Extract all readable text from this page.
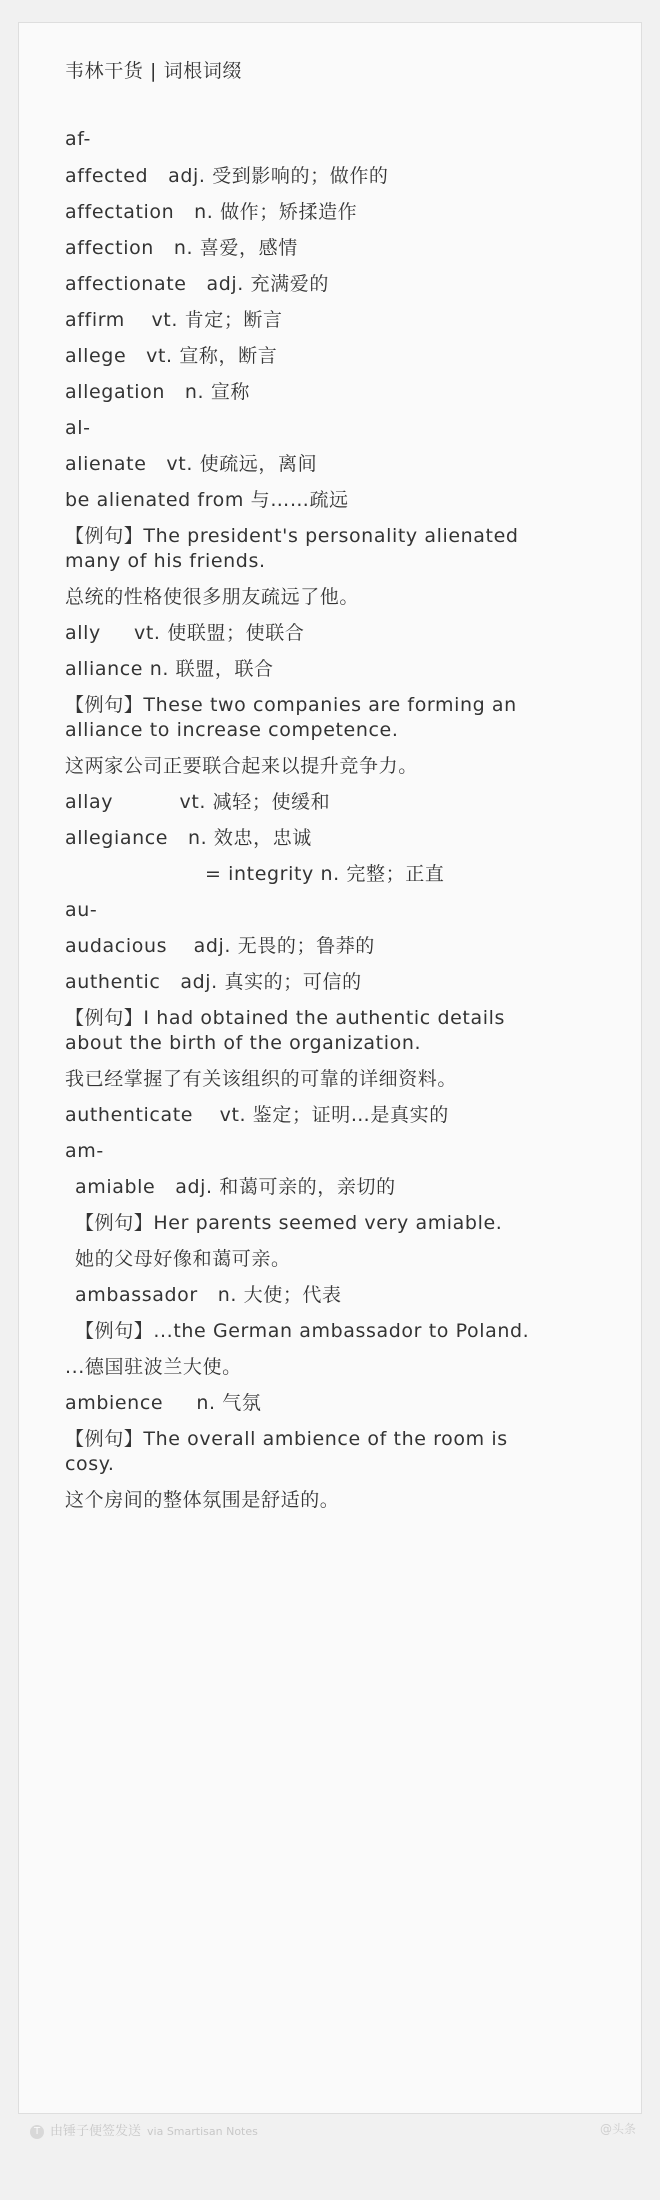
韦林干货 | 词根词缀
af-
affected   adj. 受到影响的；做作的
affectation   n. 做作；矫揉造作
affection   n. 喜爱，感情
affectionate   adj. 充满爱的
affirm    vt. 肯定；断言
allege   vt. 宣称，断言
allegation   n. 宣称
al-
alienate   vt. 使疏远，离间
be alienated from 与……疏远
【例句】The president's personality alienated
many of his friends.
总统的性格使很多朋友疏远了他。
ally     vt. 使联盟；使联合
alliance n. 联盟，联合
【例句】These two companies are forming an
alliance to increase competence.
这两家公司正要联合起来以提升竞争力。
allay          vt. 减轻；使缓和
allegiance   n. 效忠，忠诚
= integrity n. 完整；正直
au-
audacious    adj. 无畏的；鲁莽的
authentic   adj. 真实的；可信的
【例句】I had obtained the authentic details
about the birth of the organization.
我已经掌握了有关该组织的可靠的详细资料。
authenticate    vt. 鉴定；证明…是真实的
am-
amiable   adj. 和蔼可亲的，亲切的
【例句】Her parents seemed very amiable.
她的父母好像和蔼可亲。
ambassador   n. 大使；代表
【例句】...the German ambassador to Poland.
...德国驻波兰大使。
ambience     n. 气氛
【例句】The overall ambience of the room is
cosy.
这个房间的整体氛围是舒适的。
T 由锤子便签发送 via Smartisan Notes	@头条
